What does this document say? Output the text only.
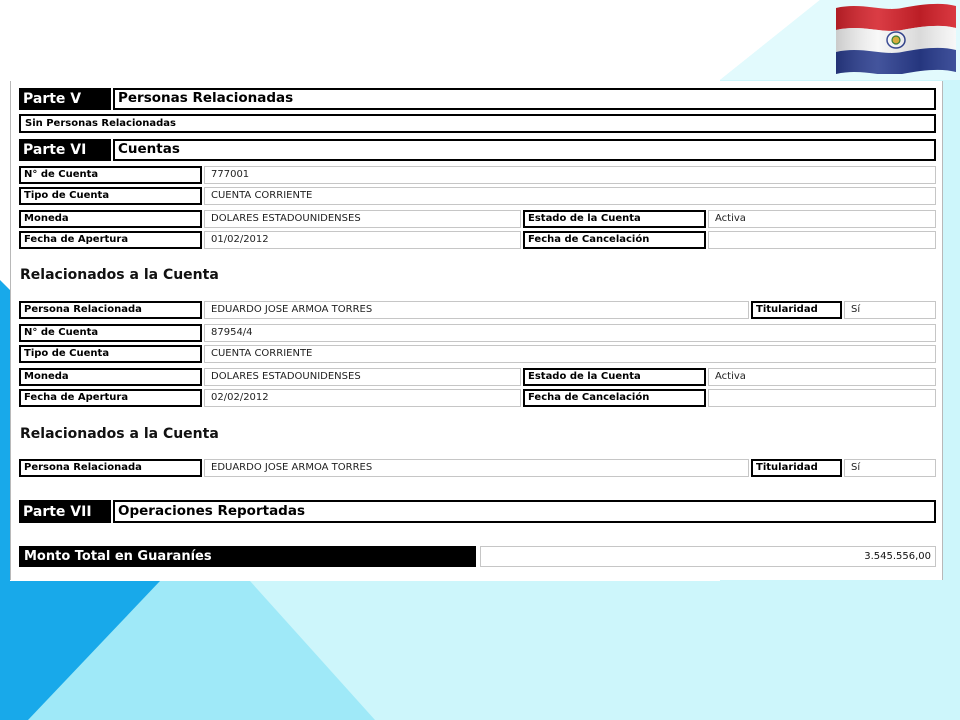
Parte V	Personas Relacionadas
Sin Personas Relacionadas
Parte VI	Cuentas
N° de Cuenta	777001
Tipo de Cuenta	CUENTA CORRIENTE
Moneda	DOLARES ESTADOUNIDENSES	Estado de la Cuenta	Activa
Fecha de Apertura	01/02/2012	Fecha de Cancelación
Relacionados a la Cuenta
Persona Relacionada	EDUARDO JOSE ARMOA TORRES	Titularidad	Sí
N° de Cuenta	87954/4
Tipo de Cuenta	CUENTA CORRIENTE
Moneda	DOLARES ESTADOUNIDENSES	Estado de la Cuenta	Activa
Fecha de Apertura	02/02/2012	Fecha de Cancelación
Relacionados a la Cuenta
Persona Relacionada	EDUARDO JOSE ARMOA TORRES	Titularidad	Sí
Parte VII	Operaciones Reportadas
Monto Total en Guaraníes	3.545.556,00
